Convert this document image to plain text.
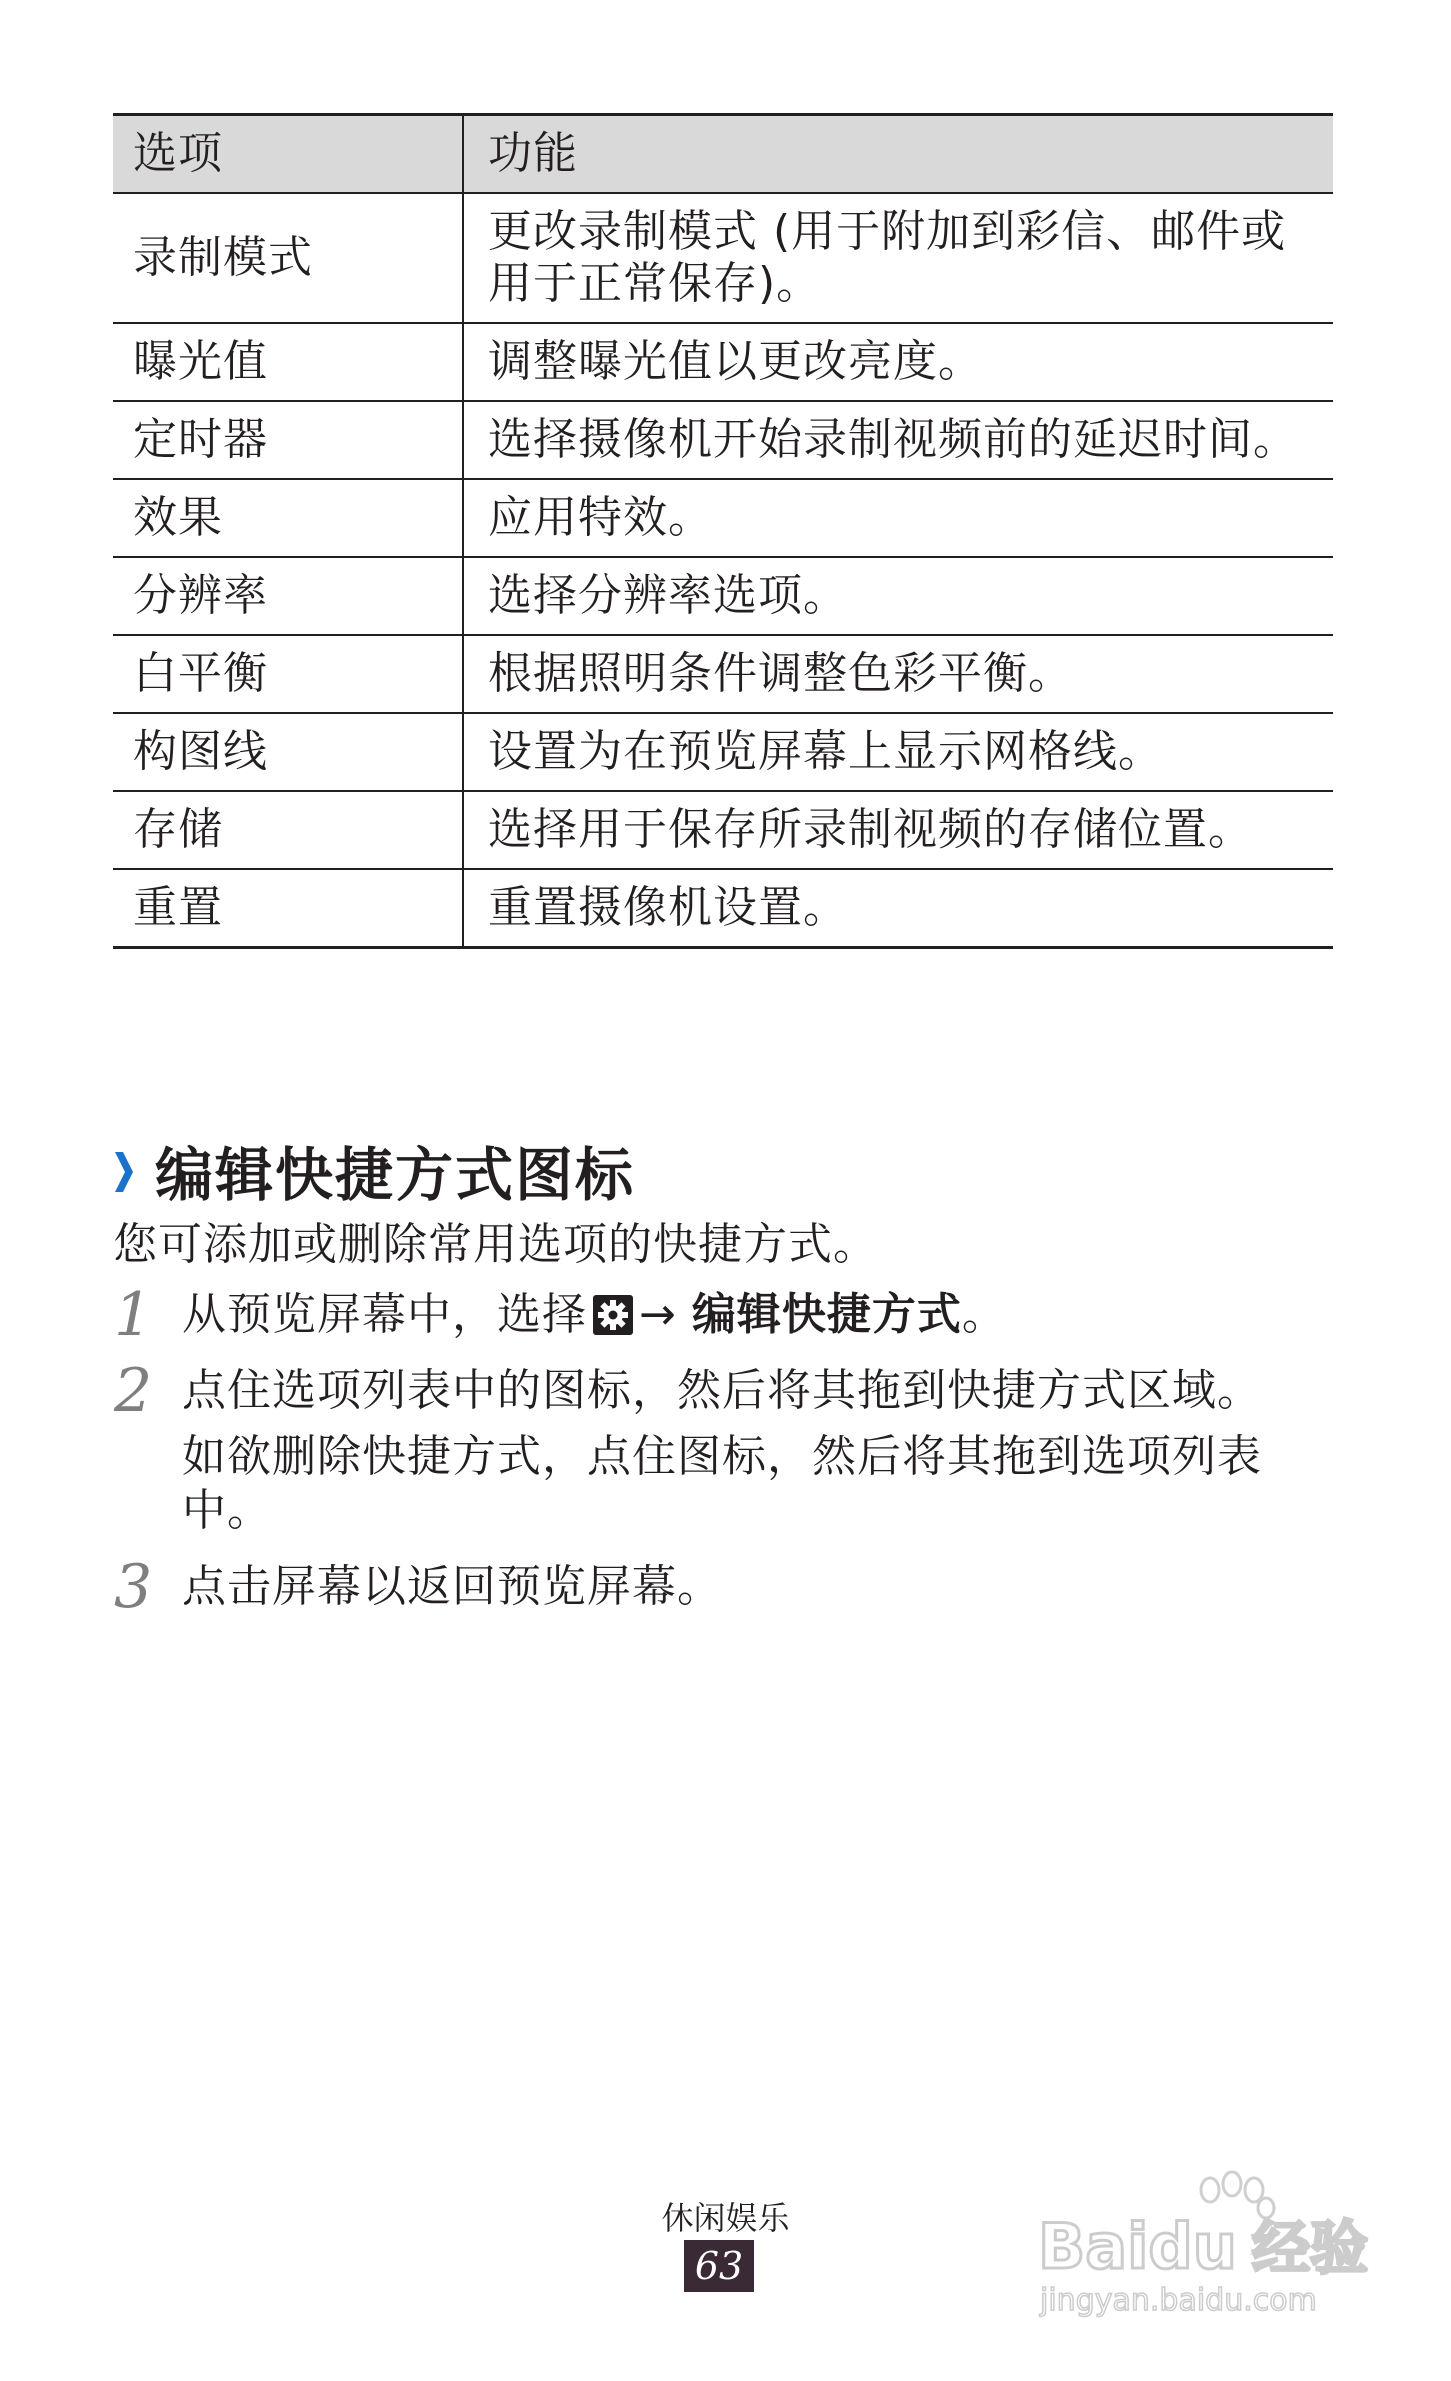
选项	功能
录制模式	更改录制模式 (用于附加到彩信、邮件或用于正常保存)。
曝光值	调整曝光值以更改亮度。
定时器	选择摄像机开始录制视频前的延迟时间。
效果	应用特效。
分辨率	选择分辨率选项。
白平衡	根据照明条件调整色彩平衡。
构图线	设置为在预览屏幕上显示网格线。
存储	选择用于保存所录制视频的存储位置。
重置	重置摄像机设置。
编辑快捷方式图标
您可添加或删除常用选项的快捷方式。
1 从预览屏幕中，选择 → 编辑快捷方式。

2 点住选项列表中的图标，然后将其拖到快捷方式区域。

如欲删除快捷方式，点住图标，然后将其拖到选项列表中。

3 点击屏幕以返回预览屏幕。

休闲娱乐
63	Baidu 经验
jingyan.baidu.com
